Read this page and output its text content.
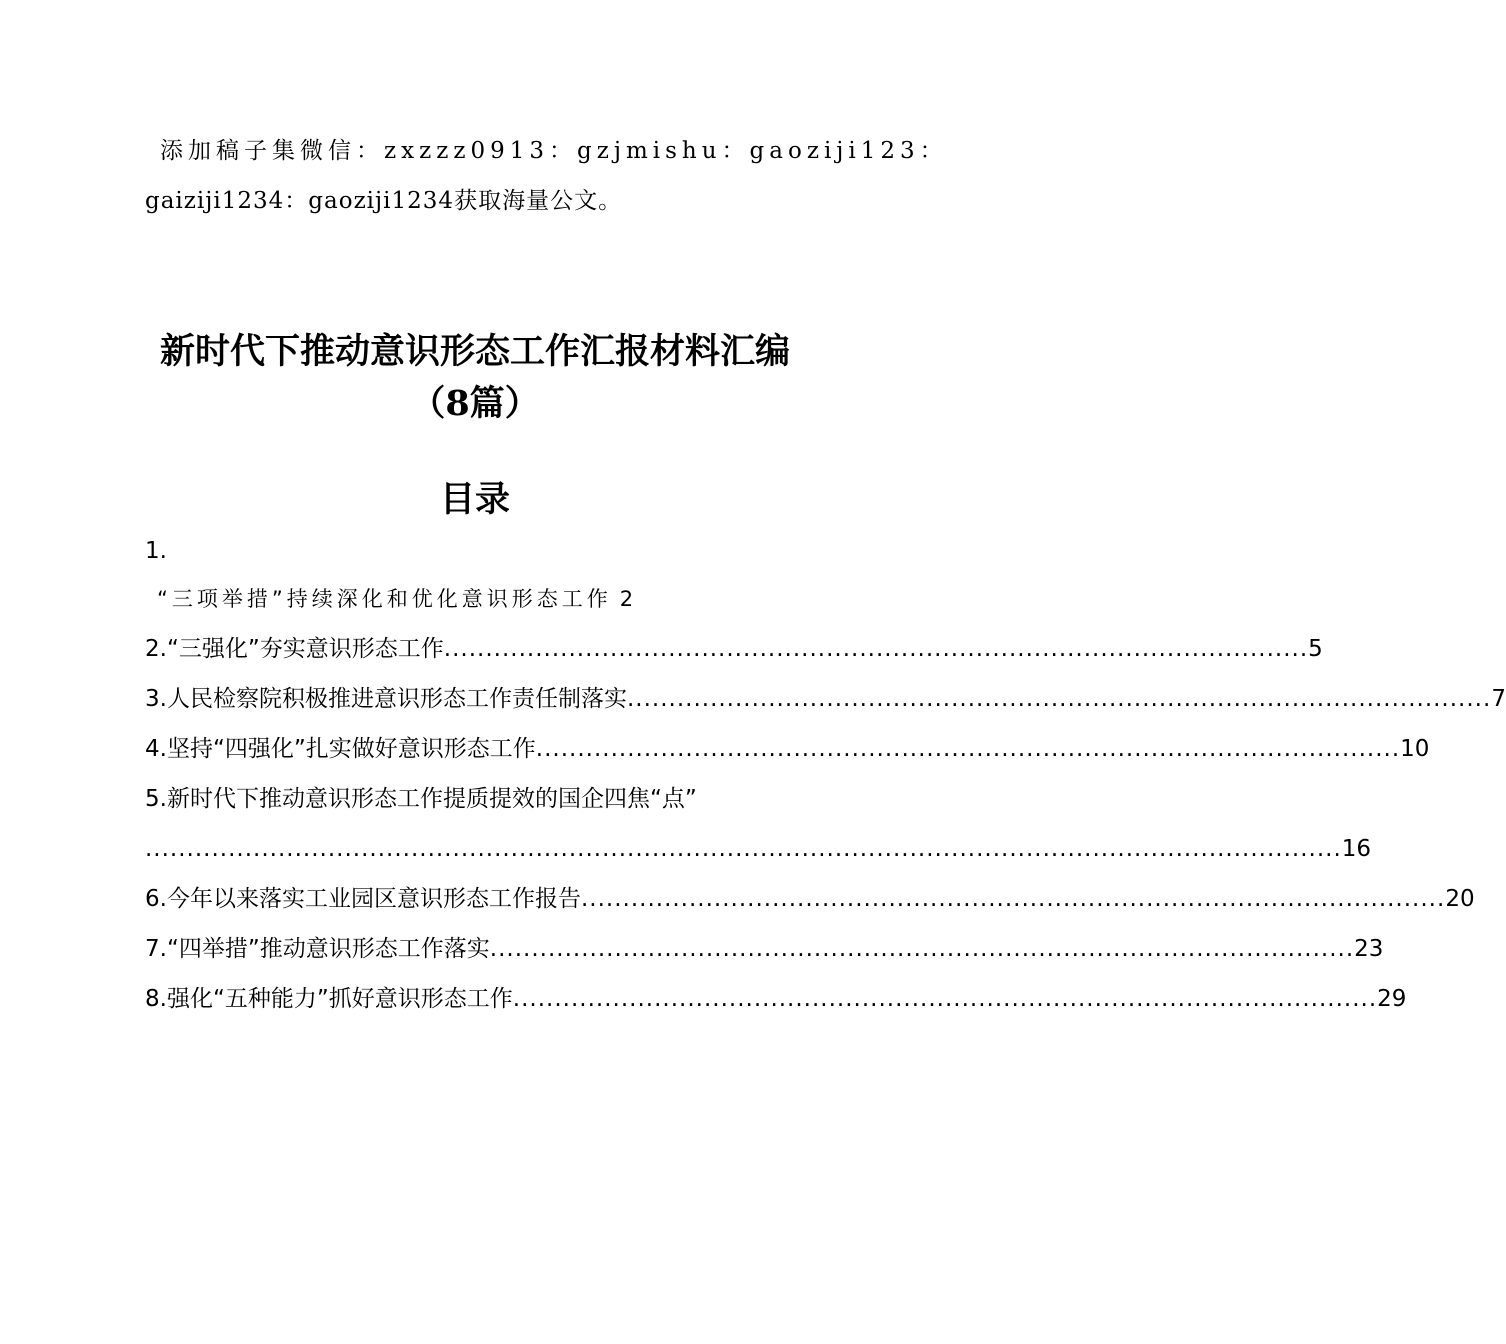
添加稿子集微信：zxzzz0913：gzjmishu：gaoziji123：
gaiziji1234：gaoziji1234获取海量公文。
新时代下推动意识形态工作汇报材料汇编
（8篇）
目录
1.
“三项举措”持续深化和优化意识形态工作 2
2.“三强化”夯实意识形态工作 ........................................................................................................ 5
3.人民检察院积极推进意识形态工作责任制落实 ........................................................................................................ 7
4.坚持“四强化”扎实做好意识形态工作 ........................................................................................................ 10
5.新时代下推动意识形态工作提质提效的国企四焦“点”
................................................................................................................................................ 16
6.今年以来落实工业园区意识形态工作报告 ........................................................................................................ 20
7.“四举措”推动意识形态工作落实 ........................................................................................................ 23
8.强化“五种能力”抓好意识形态工作 ........................................................................................................ 29
